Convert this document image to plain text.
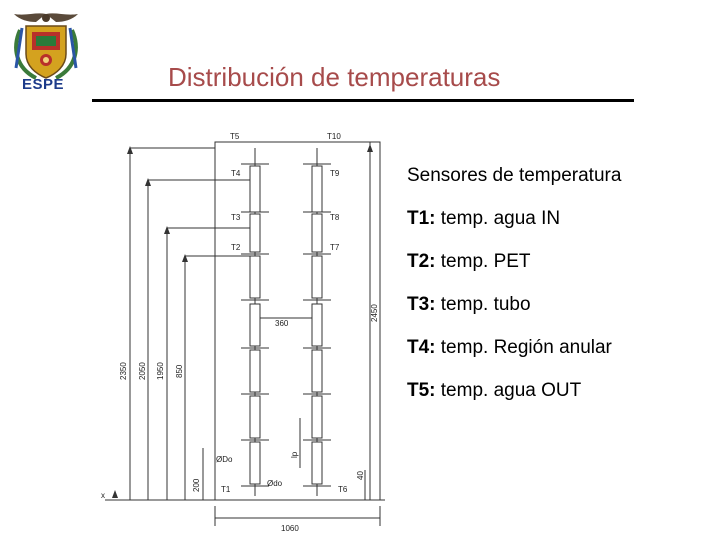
ESPE	Distribución de temperaturas
T5	T10
T4	T9
T3	T8
T2	T7
T1	T6
360
1060
ØDo
Ødo
x
2350 2050 1950 850
2450
200
40
lp
Sensores de temperatura
T1: temp. agua IN
T2: temp. PET
T3: temp. tubo
T4: temp. Región anular
T5: temp. agua OUT
